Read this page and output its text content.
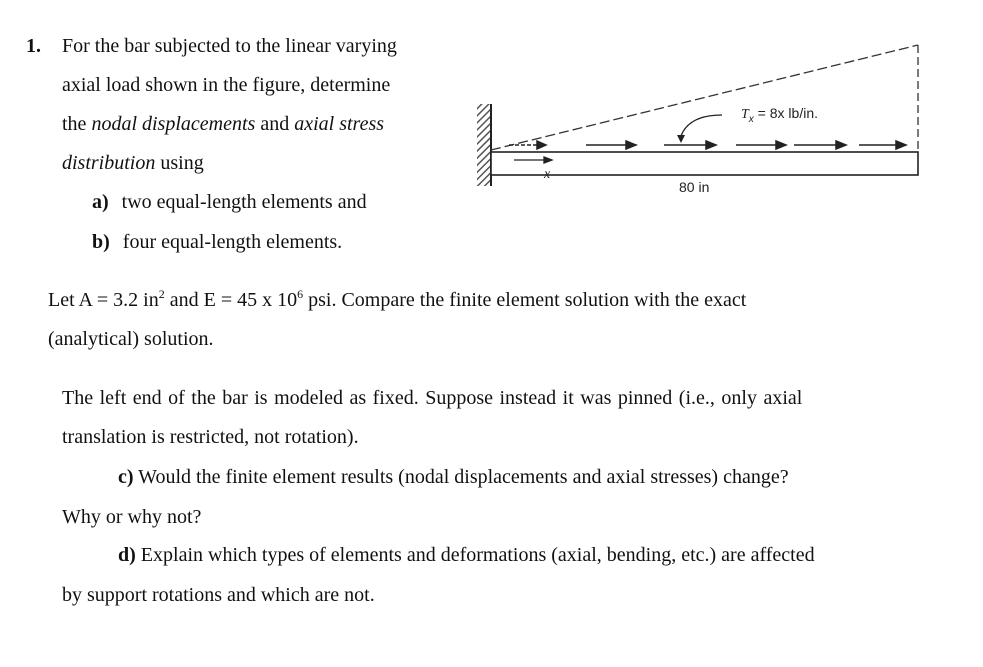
1. For the bar subjected to the linear varying
axial load shown in the figure, determine
the nodal displacements and axial stress
distribution using
a) two equal-length elements and
b) four equal-length elements.
Let A = 3.2 $in^2$ and E = 45 x $10^6$ psi. Compare the finite element solution with the exact
(analytical) solution.
The left end of the bar is modeled as fixed. Suppose instead it was pinned (i.e., only axial
translation is restricted, not rotation).
c) Would the finite element results (nodal displacements and axial stresses) change?
Why or why not?
d) Explain which types of elements and deformations (axial, bending, etc.) are affected
by support rotations and which are not.
x
$T_x = 8x$ lb/in.
80 in
